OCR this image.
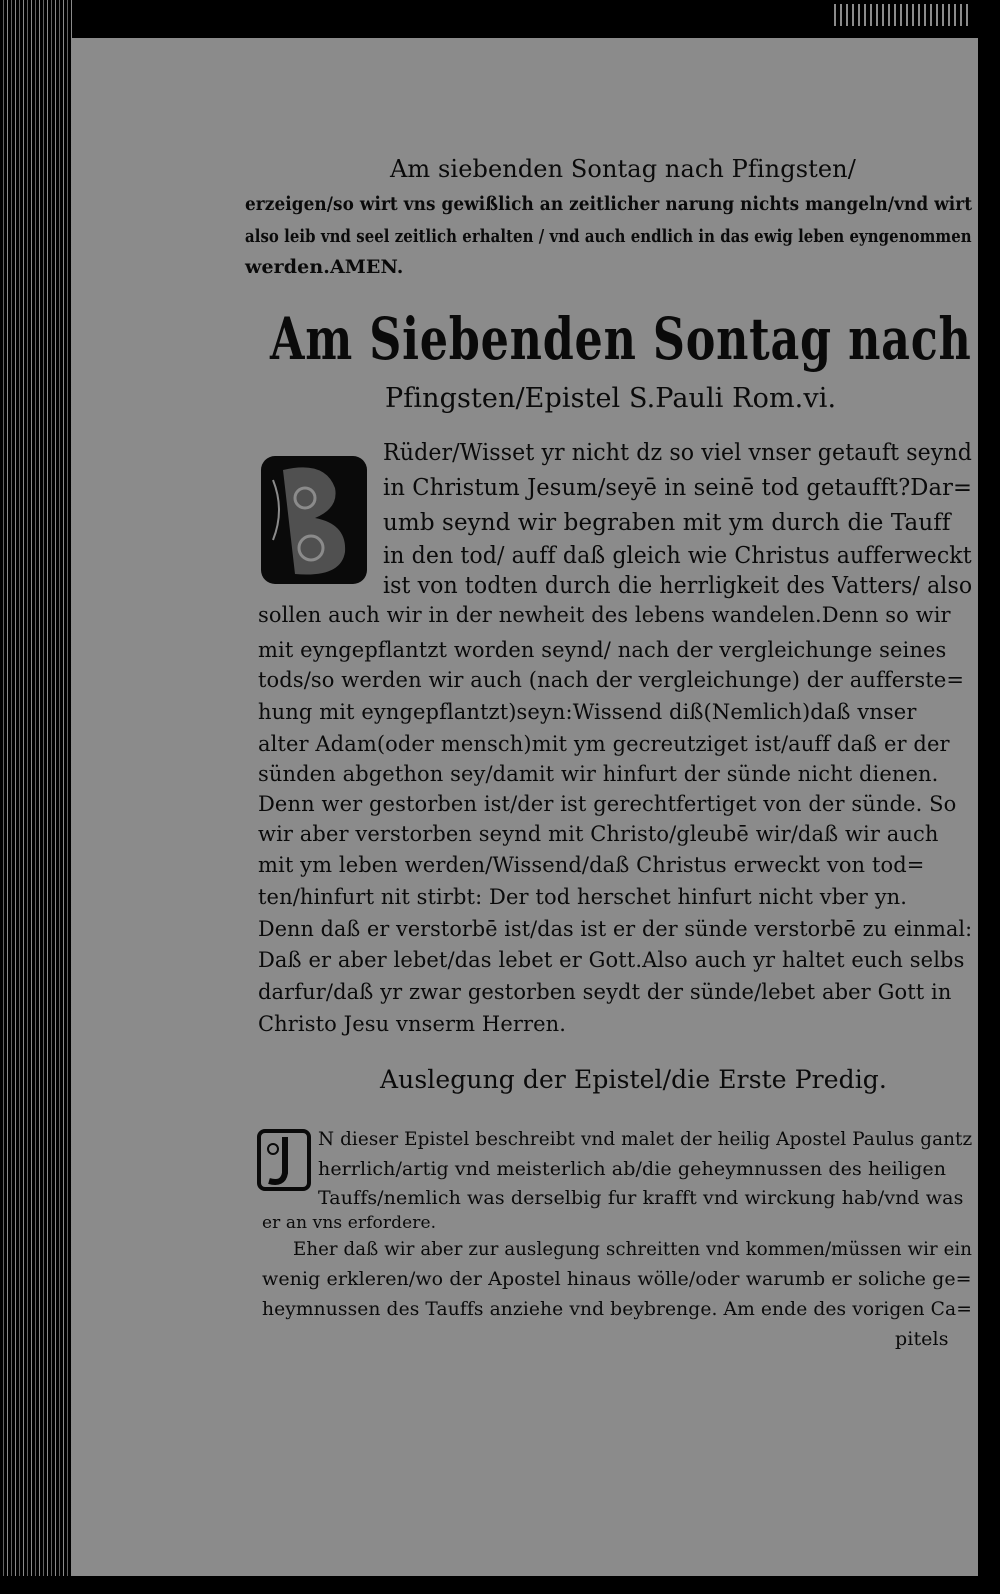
Am siebenden Sontag nach Pfingsten/
erzeigen/so wirt vns gewißlich an zeitlicher narung nichts mangeln/vnd wirt
also leib vnd seel zeitlich erhalten / vnd auch endlich in das ewig leben eyngenommen
werden.AMEN.
Am Siebenden Sontag nach
Pfingsten/Epistel S.Pauli Rom.vi.
Rüder/Wisset yr nicht dz so viel vnser getauft seynd
in Christum Jesum/seyē in seinē tod getaufft?Dar=
umb seynd wir begraben mit ym durch die Tauff
in den tod/ auff daß gleich wie Christus aufferweckt
ist von todten durch die herrligkeit des Vatters/ also
sollen auch wir in der newheit des lebens wandelen.Denn so wir
mit eyngepflantzt worden seynd/ nach der vergleichunge seines
tods/so werden wir auch (nach der vergleichunge) der aufferste=
hung mit eyngepflantzt)seyn:Wissend diß(Nemlich)daß vnser
alter Adam(oder mensch)mit ym gecreutziget ist/auff daß er der
sünden abgethon sey/damit wir hinfurt der sünde nicht dienen.
Denn wer gestorben ist/der ist gerechtfertiget von der sünde. So
wir aber verstorben seynd mit Christo/gleubē wir/daß wir auch
mit ym leben werden/Wissend/daß Christus erweckt von tod=
ten/hinfurt nit stirbt: Der tod herschet hinfurt nicht vber yn.
Denn daß er verstorbē ist/das ist er der sünde verstorbē zu einmal:
Daß er aber lebet/das lebet er Gott.Also auch yr haltet euch selbs
darfur/daß yr zwar gestorben seydt der sünde/lebet aber Gott in
Christo Jesu vnserm Herren.
Auslegung der Epistel/die Erste Predig.
N dieser Epistel beschreibt vnd malet der heilig Apostel Paulus gantz
herrlich/artig vnd meisterlich ab/die geheymnussen des heiligen
Tauffs/nemlich was derselbig fur krafft vnd wirckung hab/vnd was
er an vns erfordere.
Eher daß wir aber zur auslegung schreitten vnd kommen/müssen wir ein
wenig erkleren/wo der Apostel hinaus wölle/oder warumb er soliche ge=
heymnussen des Tauffs anziehe vnd beybrenge. Am ende des vorigen Ca=
pitels
